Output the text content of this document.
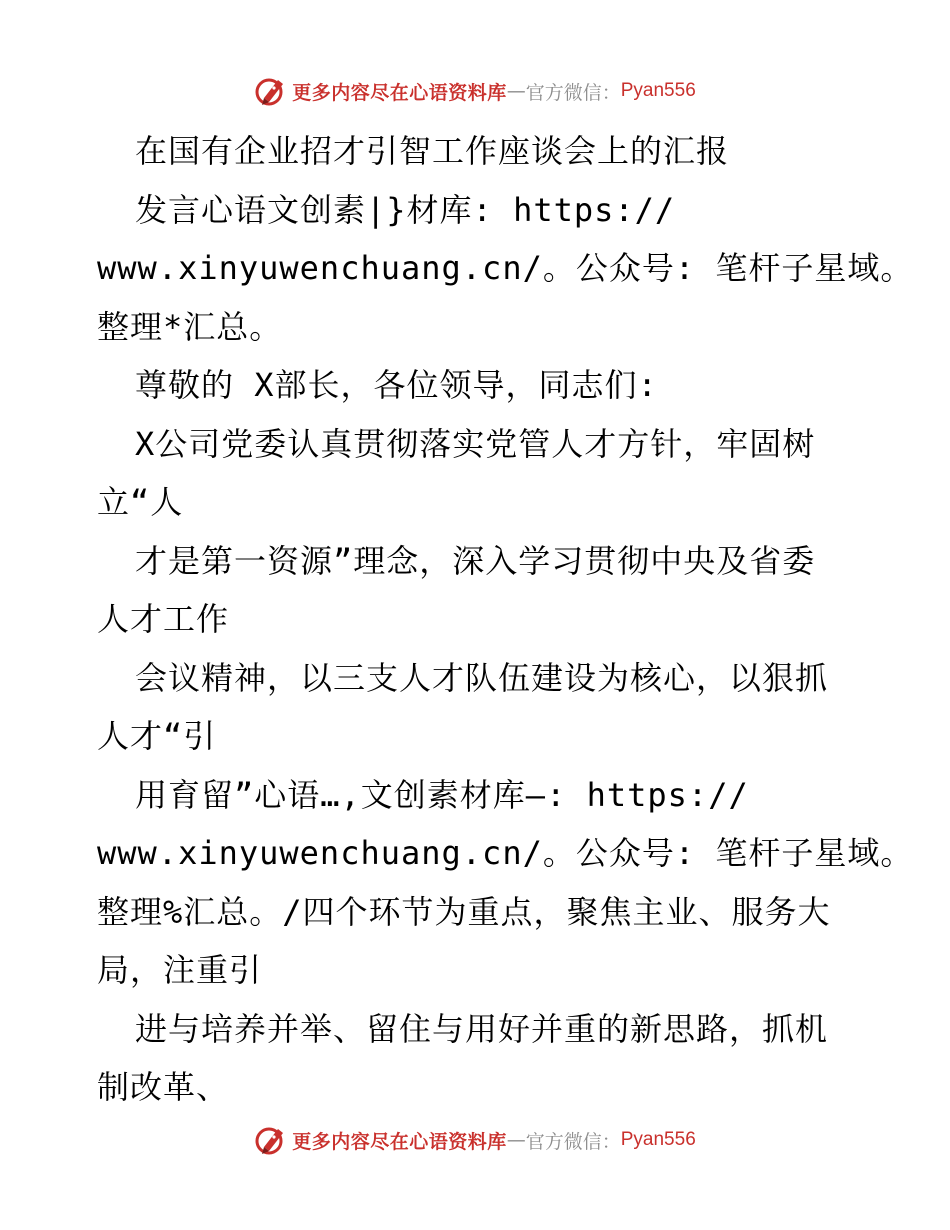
更多内容尽在心语资料库 — 官方微信： Pyan556
在国有企业招才引智工作座谈会上的汇报
发言心语文创素|}材库: https://
www.xinyuwenchuang.cn/。公众号: 笔杆子星域。
整理*汇总。
尊敬的 X部长，各位领导，同志们:
X公司党委认真贯彻落实党管人才方针，牢固树
立“人
才是第一资源”理念，深入学习贯彻中央及省委
人才工作
会议精神，以三支人才队伍建设为核心，以狠抓
人才“引
用育留”心语…,文创素材库—: https://
www.xinyuwenchuang.cn/。公众号: 笔杆子星域。
整理%汇总。/四个环节为重点，聚焦主业、服务大
局，注重引
进与培养并举、留住与用好并重的新思路，抓机
制改革、
更多内容尽在心语资料库 — 官方微信： Pyan556
